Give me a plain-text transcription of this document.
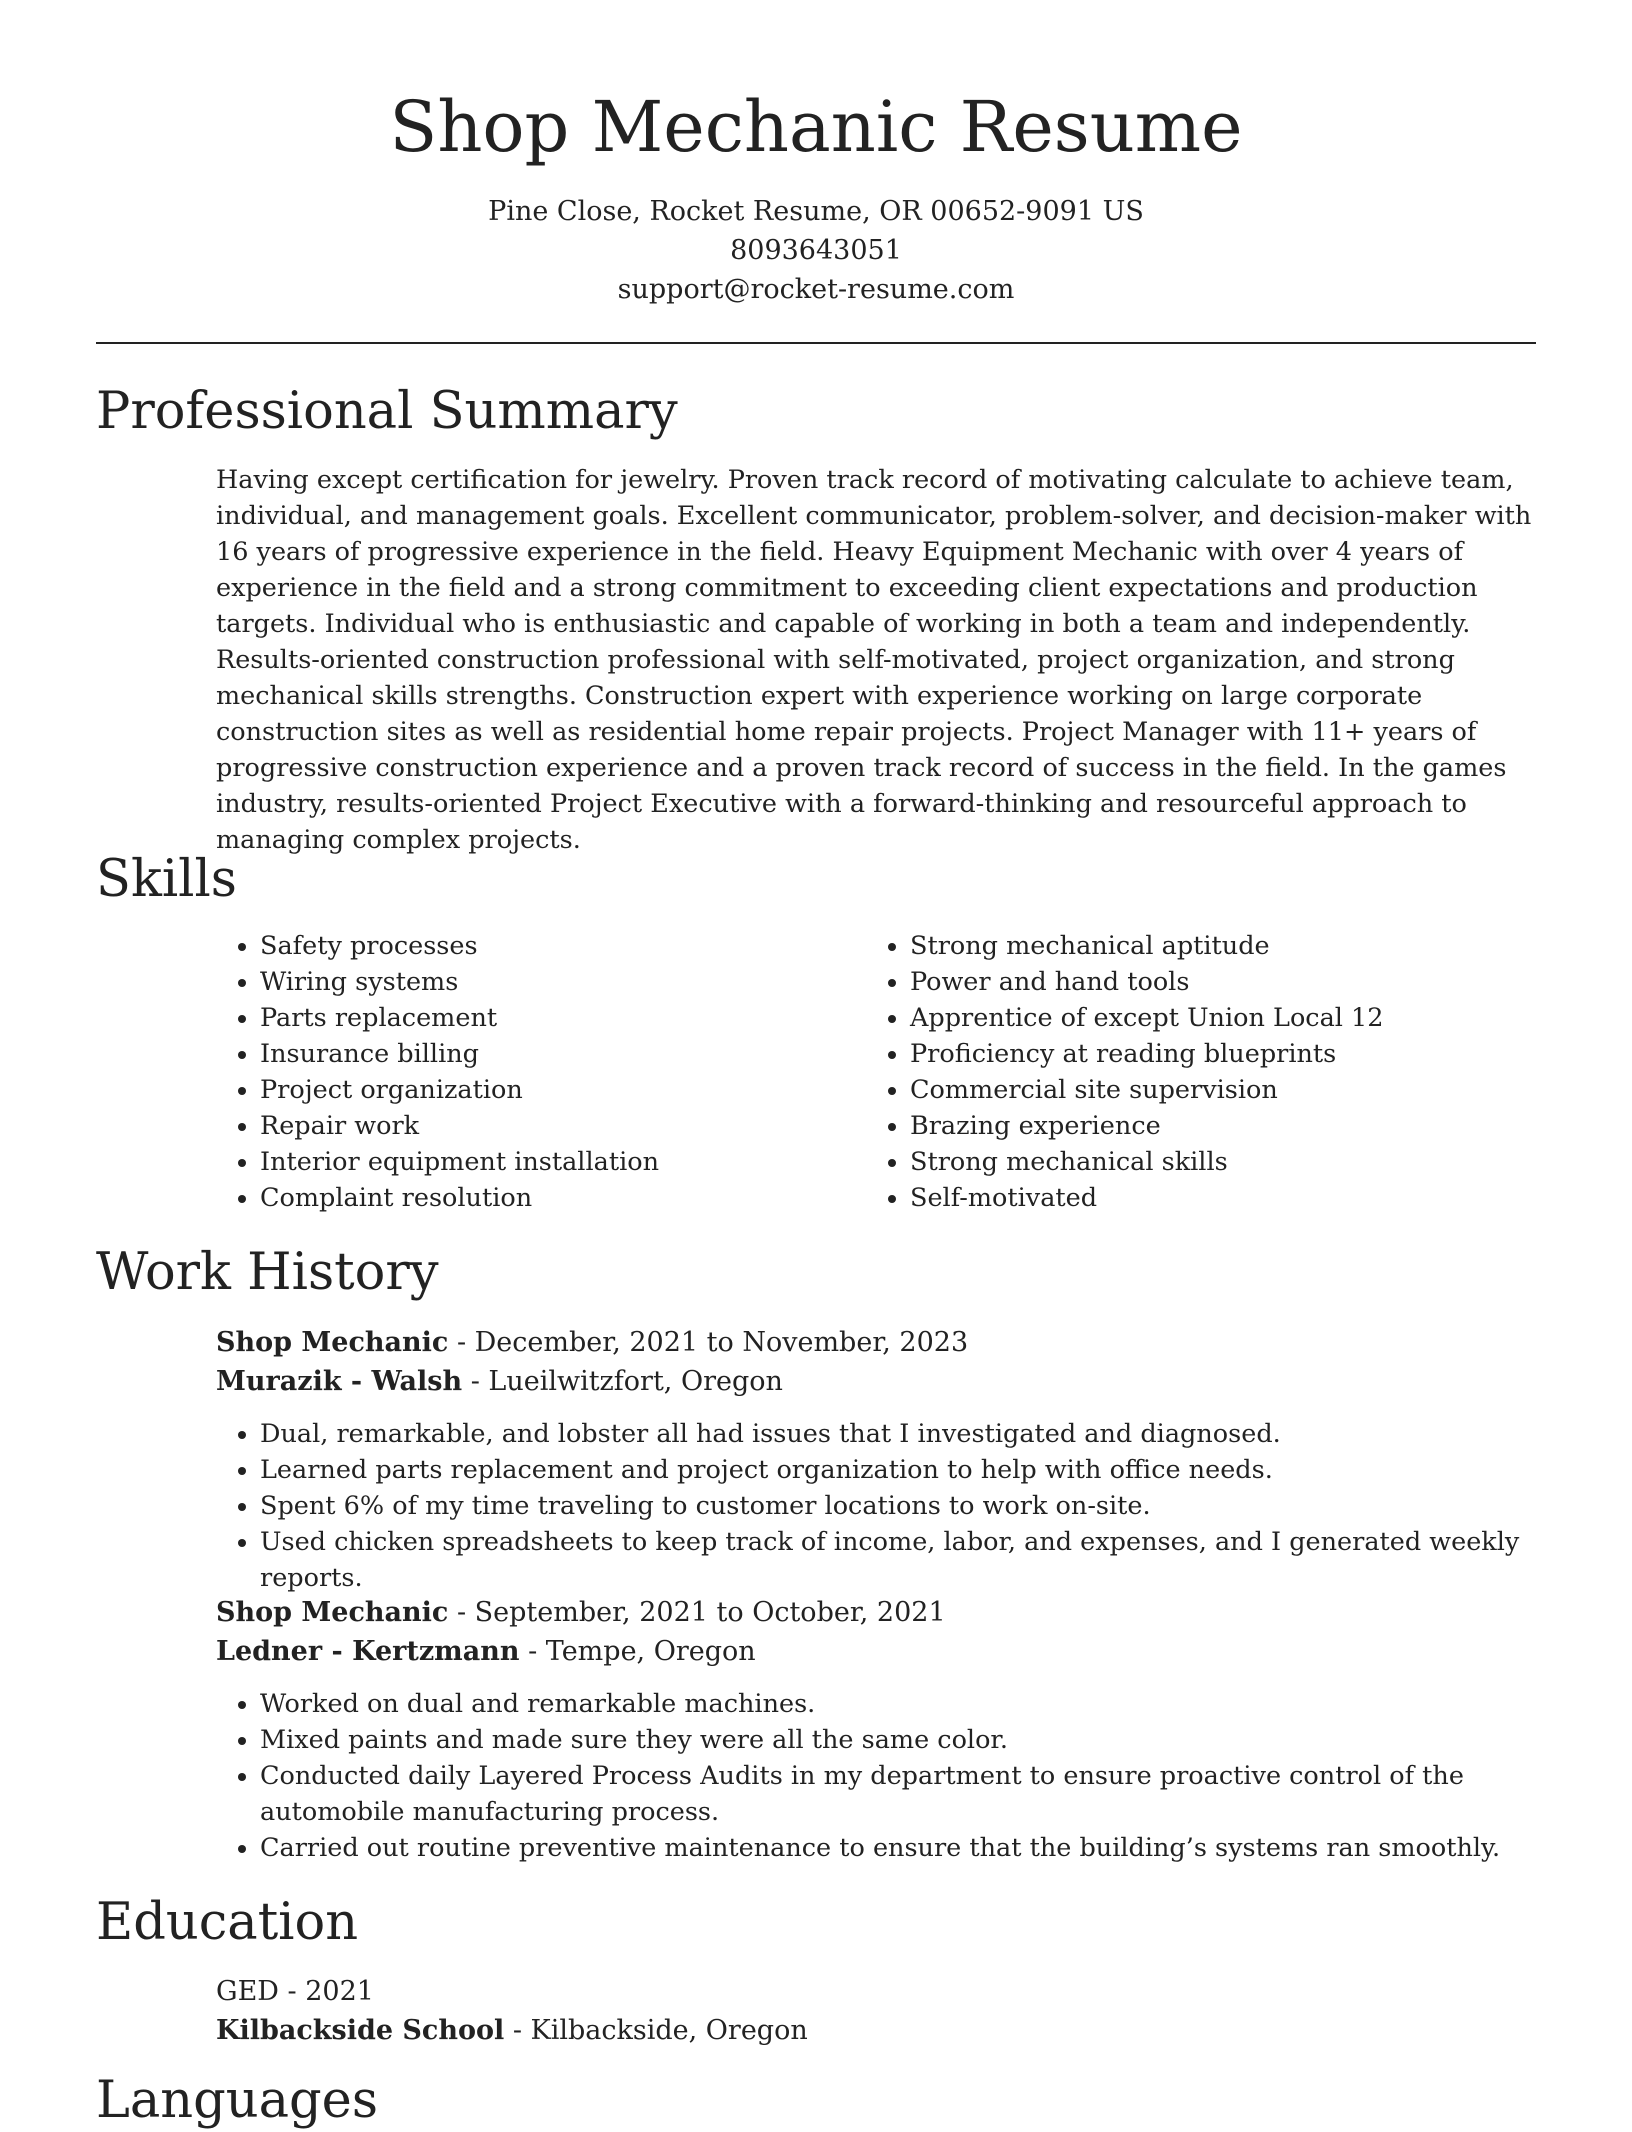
Shop Mechanic Resume
Pine Close, Rocket Resume, OR 00652-9091 US
8093643051
support@rocket-resume.com
Professional Summary

Having except certification for jewelry. Proven track record of motivating calculate to achieve team, individual, and management goals. Excellent communicator, problem-solver, and decision-maker with 16 years of progressive experience in the field. Heavy Equipment Mechanic with over 4 years of experience in the field and a strong commitment to exceeding client expectations and production targets. Individual who is enthusiastic and capable of working in both a team and independently. Results-oriented construction professional with self-motivated, project organization, and strong mechanical skills strengths. Construction expert with experience working on large corporate construction sites as well as residential home repair projects. Project Manager with 11+ years of progressive construction experience and a proven track record of success in the field. In the games industry, results-oriented Project Executive with a forward-thinking and resourceful approach to managing complex projects.

Skills
• Safety processes
• Wiring systems
• Parts replacement
• Insurance billing
• Project organization
• Repair work
• Interior equipment installation
• Complaint resolution
• Strong mechanical aptitude
• Power and hand tools
• Apprentice of except Union Local 12
• Proficiency at reading blueprints
• Commercial site supervision
• Brazing experience
• Strong mechanical skills
• Self-motivated
Work History
Shop Mechanic - December, 2021 to November, 2023
Murazik - Walsh - Lueilwitzfort, Oregon
• Dual, remarkable, and lobster all had issues that I investigated and diagnosed.
• Learned parts replacement and project organization to help with office needs.
• Spent 6% of my time traveling to customer locations to work on-site.
• Used chicken spreadsheets to keep track of income, labor, and expenses, and I generated weekly reports.
Shop Mechanic - September, 2021 to October, 2021
Ledner - Kertzmann - Tempe, Oregon
• Worked on dual and remarkable machines.
• Mixed paints and made sure they were all the same color.
• Conducted daily Layered Process Audits in my department to ensure proactive control of the automobile manufacturing process.
• Carried out routine preventive maintenance to ensure that the building’s systems ran smoothly.
Education
GED - 2021
Kilbackside School - Kilbackside, Oregon
Languages
